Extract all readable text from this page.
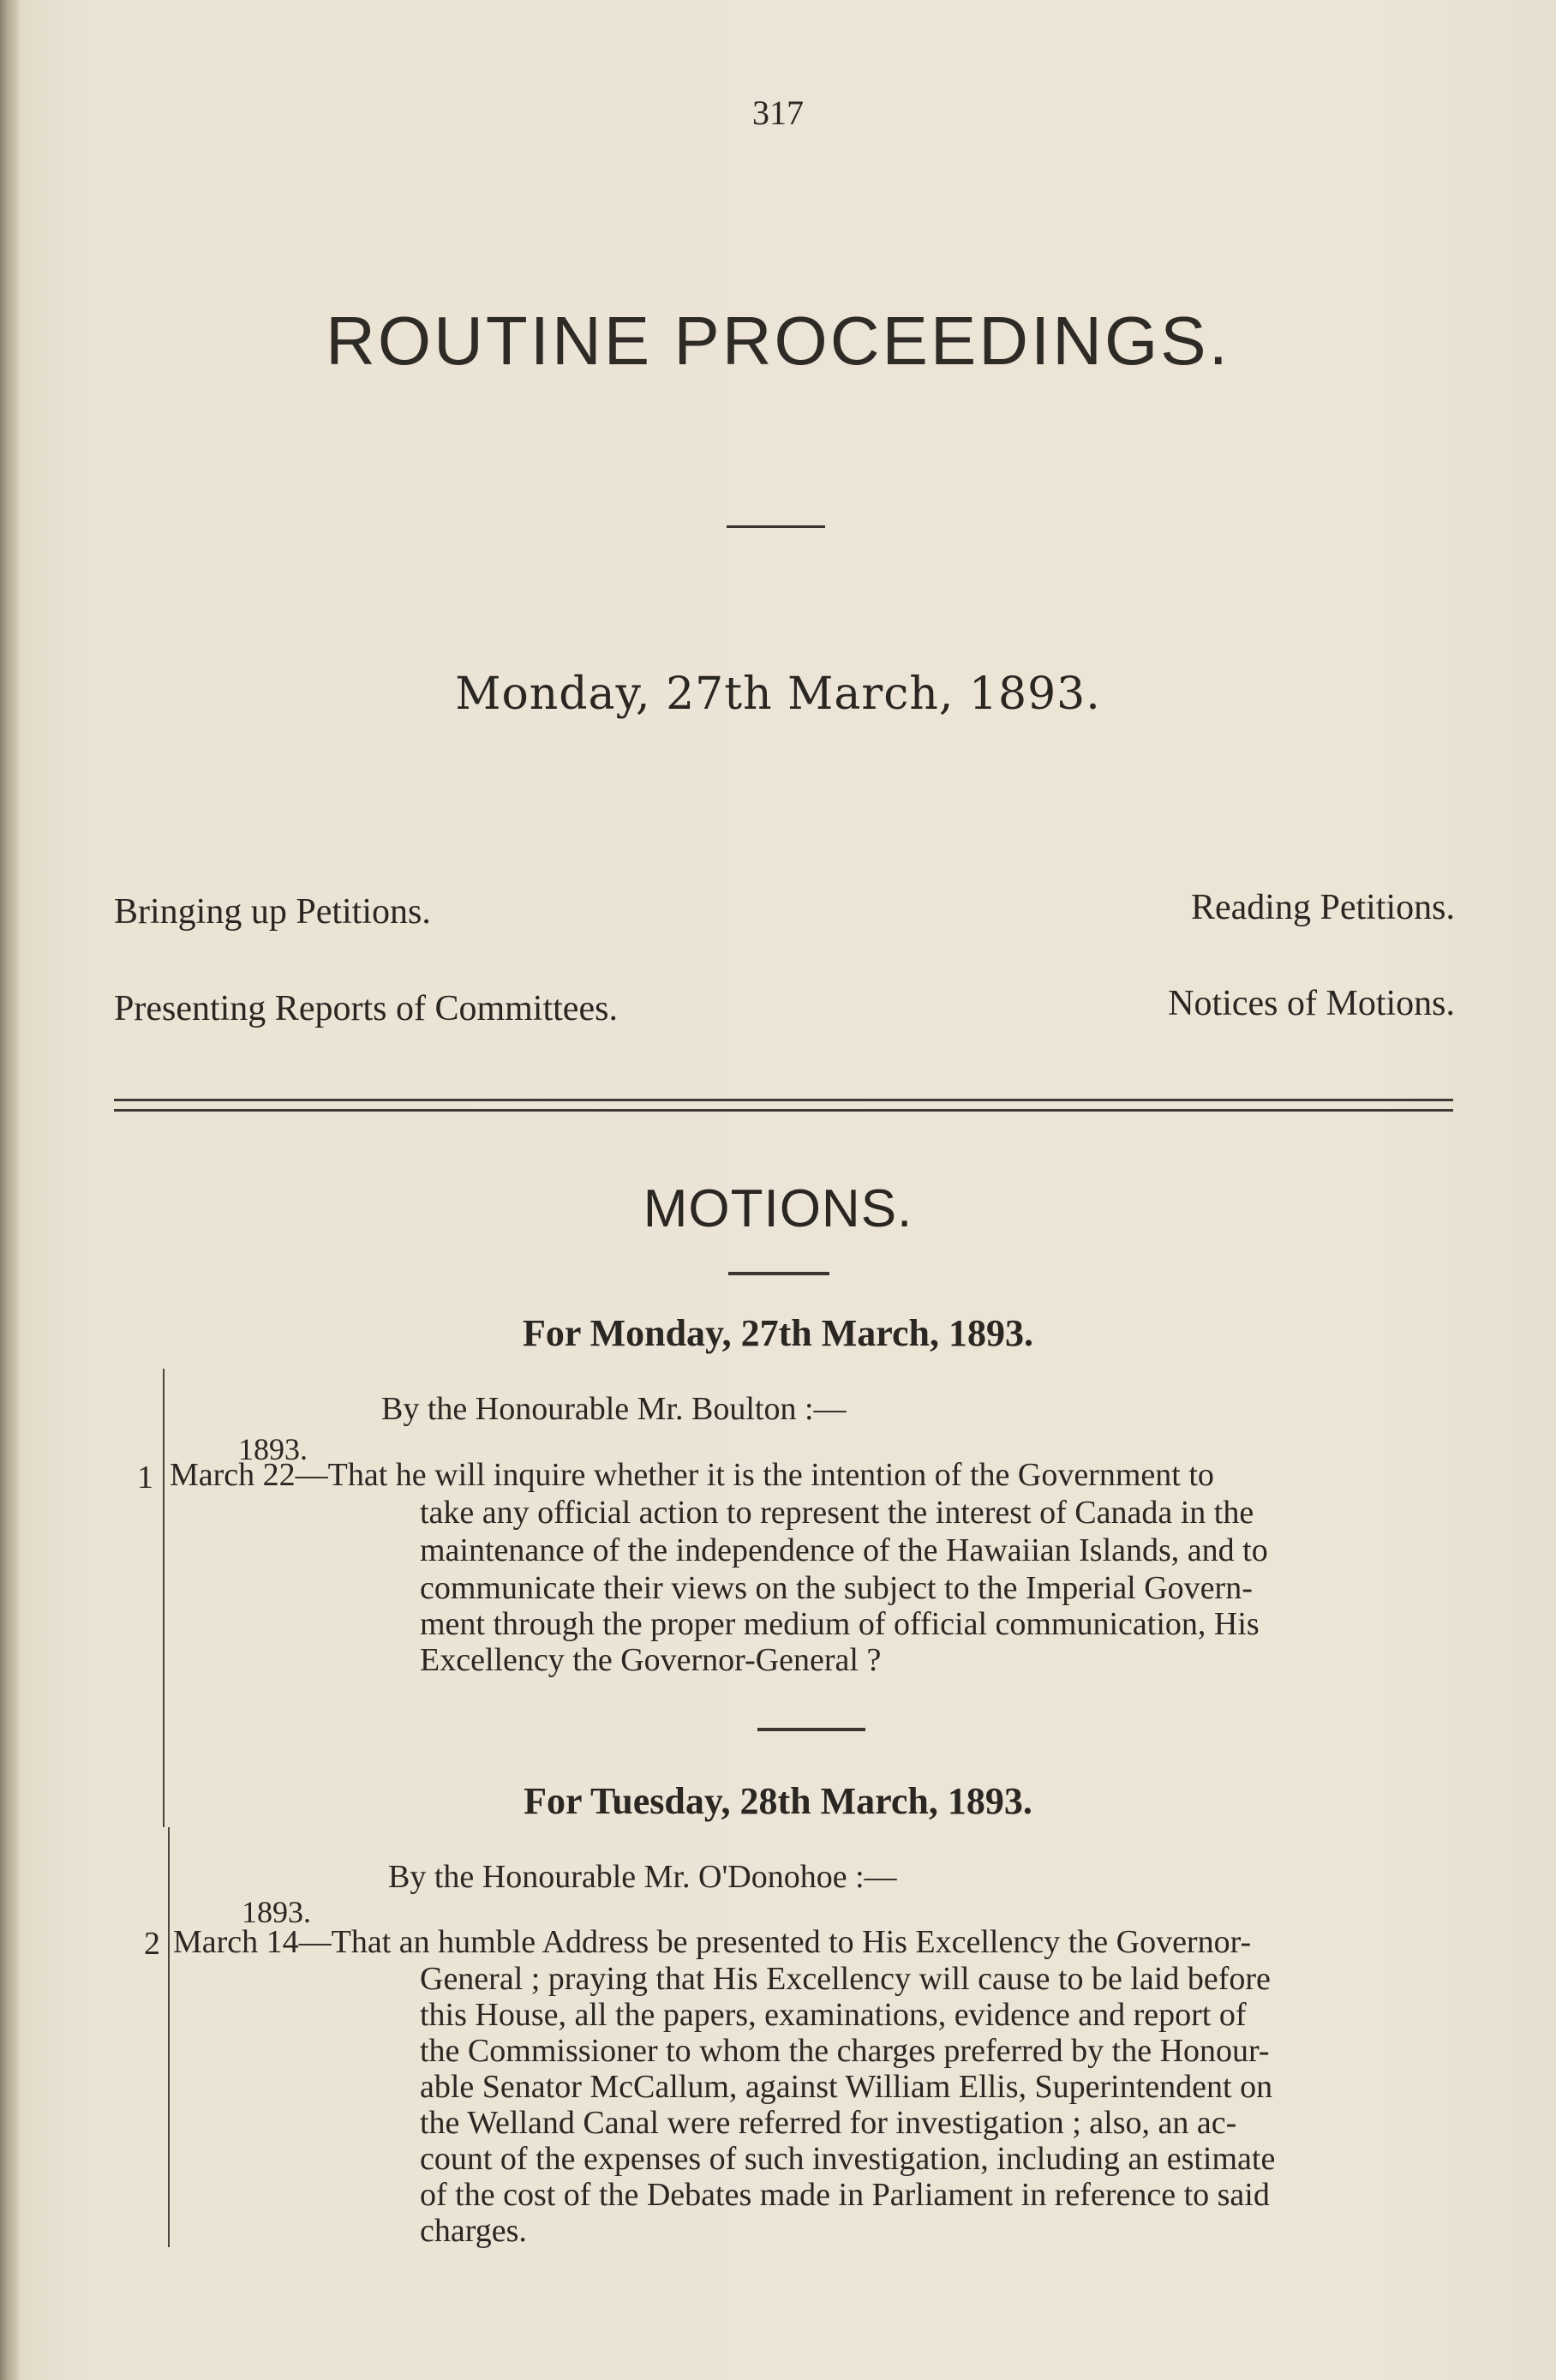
317
ROUTINE PROCEEDINGS.
Monday, 27th March, 1893.
Bringing up Petitions.	Reading Petitions.
Presenting Reports of Committees.	Notices of Motions.
MOTIONS.
For Monday, 27th March, 1893.
By the Honourable Mr. Boulton :—
1893.
1 March 22—That he will inquire whether it is the intention of the Government to
take any official action to represent the interest of Canada in the
maintenance of the independence of the Hawaiian Islands, and to
communicate their views on the subject to the Imperial Govern-
ment through the proper medium of official communication, His
Excellency the Governor-General ?
For Tuesday, 28th March, 1893.
By the Honourable Mr. O'Donohoe :—
1893.
2 March 14—That an humble Address be presented to His Excellency the Governor-
General ; praying that His Excellency will cause to be laid before
this House, all the papers, examinations, evidence and report of
the Commissioner to whom the charges preferred by the Honour-
able Senator McCallum, against William Ellis, Superintendent on
the Welland Canal were referred for investigation ; also, an ac-
count of the expenses of such investigation, including an estimate
of the cost of the Debates made in Parliament in reference to said
charges.
